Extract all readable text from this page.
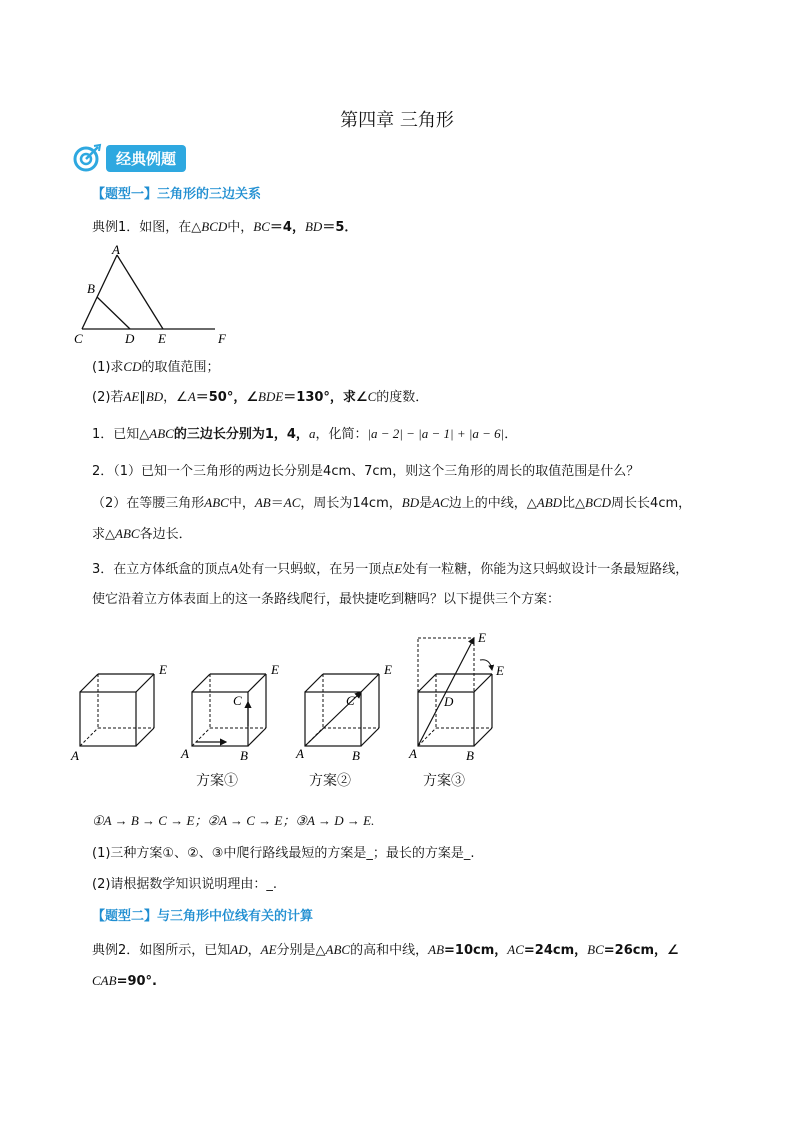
第四章 三角形
经典例题
【题型一】三角形的三边关系
典例1．如图，在△BCD中，BC＝4，BD＝5．
A
B
C	D E	F
(1)求CD的取值范围；
(2)若AE∥BD，∠A＝50°，∠BDE＝130°，求∠C的度数．
1．已知△ABC的三边长分别为1，4，a，化简：|a − 2| − |a − 1| + |a − 6|．
2．（1）已知一个三角形的两边长分别是4cm、7cm，则这个三角形的周长的取值范围是什么？
（2）在等腰三角形ABC中，AB＝AC，周长为14cm，BD是AC边上的中线，△ABD比△BCD周长长4cm，
求△ABC各边长．
3．在立方体纸盒的顶点A处有一只蚂蚁，在另一顶点E处有一粒糖，你能为这只蚂蚁设计一条最短路线，
使它沿着立方体表面上的这一条路线爬行，最快捷吃到糖吗？以下提供三个方案：
A
E
A	B
C
E
A	B
C
E
A	B
D
E
E
方案①	方案②	方案③
①A → B → C → E；②A → C → E；③A → D → E.
(1)三种方案①、②、③中爬行路线最短的方案是_；最长的方案是_.
(2)请根据数学知识说明理由：_.
【题型二】与三角形中位线有关的计算
典例2．如图所示，已知AD，AE分别是△ABC的高和中线，AB=10cm，AC=24cm，BC=26cm，∠
CAB=90°.
